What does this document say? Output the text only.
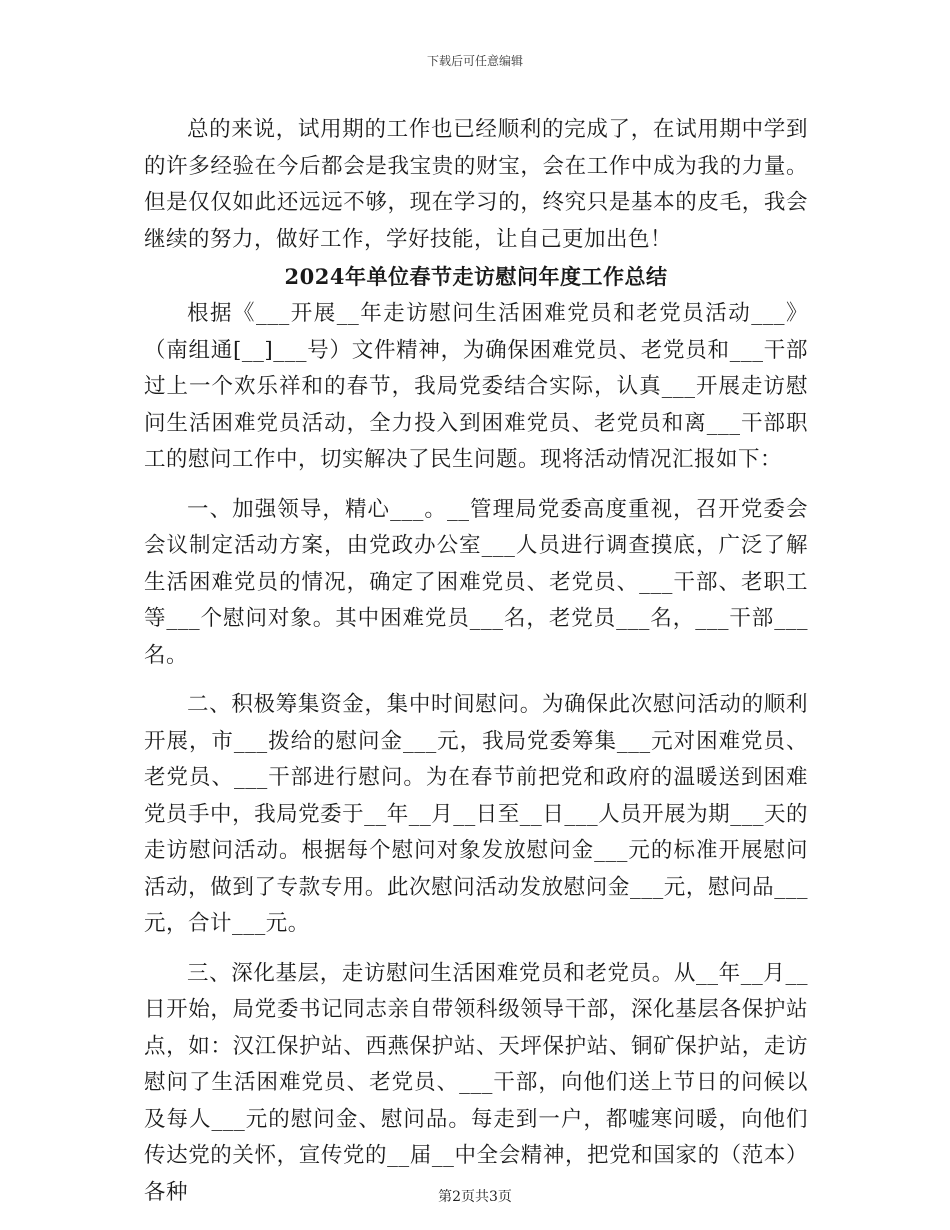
下载后可任意编辑

总的来说，试用期的工作也已经顺利的完成了，在试用期中学到的许多经验在今后都会是我宝贵的财宝，会在工作中成为我的力量。但是仅仅如此还远远不够，现在学习的，终究只是基本的皮毛，我会继续的努力，做好工作，学好技能，让自己更加出色！

2024年单位春节走访慰问年度工作总结

根据《___开展__年走访慰问生活困难党员和老党员活动___》（南组通[__]___号）文件精神，为确保困难党员、老党员和___干部过上一个欢乐祥和的春节，我局党委结合实际，认真___开展走访慰问生活困难党员活动，全力投入到困难党员、老党员和离___干部职工的慰问工作中，切实解决了民生问题。现将活动情况汇报如下：

一、加强领导，精心___。__管理局党委高度重视，召开党委会会议制定活动方案，由党政办公室___人员进行调查摸底，广泛了解生活困难党员的情况，确定了困难党员、老党员、___干部、老职工等___个慰问对象。其中困难党员___名，老党员___名，___干部___名。

二、积极筹集资金，集中时间慰问。为确保此次慰问活动的顺利开展，市___拨给的慰问金___元，我局党委筹集___元对困难党员、老党员、___干部进行慰问。为在春节前把党和政府的温暖送到困难党员手中，我局党委于__年__月__日至__日___人员开展为期___天的走访慰问活动。根据每个慰问对象发放慰问金___元的标准开展慰问活动，做到了专款专用。此次慰问活动发放慰问金___元，慰问品___元，合计___元。

三、深化基层，走访慰问生活困难党员和老党员。从__年__月__日开始，局党委书记同志亲自带领科级领导干部，深化基层各保护站点，如：汉江保护站、西燕保护站、天坪保护站、铜矿保护站，走访慰问了生活困难党员、老党员、___干部，向他们送上节日的问候以及每人___元的慰问金、慰问品。每走到一户，都嘘寒问暖，向他们传达党的关怀，宣传党的__届__中全会精神，把党和国家的（范本）各种	第2页共3页
